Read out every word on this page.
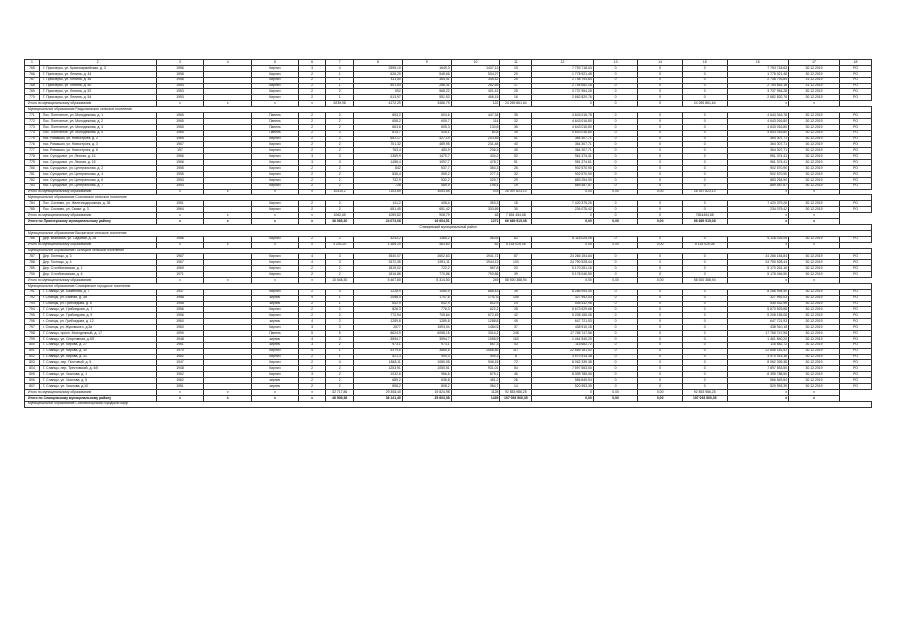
1	2	3	4	5	6	7	8	9	10	11	12	13	14	15	16	17	18
765	Г. Приозерск, ул. Красноармейская, д. 3	1956		Кирпич	3	4	2595,10	1649,3	1437,13	19	7 793 718,63	0	0	0	7 793 718,63	30.12.2019	РО
766	Г. Приозерск, ул. Ленина, д. 44	1958		Кирпич	2	1	626,20	548,66	534,27	20	1 778 921,48	0	0	0	1 778 921,48	30.12.2019	РО
767	Г. Приозерск, ул. Ленина, д. 46	1956		Кирпич	2	1	411,50	384,41	345,42	25	2 748 793,84	0	0	0	2 748 793,84	31.12.2019	РО
768	Г. Приозерск, ул. Ленина, д. 50	1954		Кирпич	2	1	401,53	288,31	282,59	17	2 754 652,18	0	0	0	2 754 652,18	31.12.2019	РО
769	Г. Приозерск, ул. Ленина, д. 52	1953		Кирпич	2	2	692	568,22	401,41	25	3 737 954,28	0	0	0	3 737 954,28	30.12.2019	РО
770	Г. Приозерск, ул. Ленина, д. 54	1953		Кирпич	2	1	613,97	551,53	466,15	16	2 682 820,76	0	0	0	2 682 820,76	30.12.2019	РО
Итого по муниципальному образованию		x	x	x	x	5239,98	4172,29	3486,79	122	24 269 861,64	0	0	0	24 269 861,64	x	x	
Муниципальное образование Раздольевское сельское поселение																	
771	Пос. Понтонное, ул. Молодежная, д. 1	1965		Панель	2	2	653,2	604,6	447,34	35	4 643 016,78	0	0	0	4 643 016,78	30.12.2019	РО
772	Пос. Понтонное, ул. Молодежная, д. 2	1965		Панель	2	2	658,2	605,7	114	32	4 643 016,80	0	0	0	4 643 016,80	30.12.2019	РО
773	Пос. Понтонное, ул. Молодежная, д. 3	1965		Панель	2	2	663,6	605,3	130,8	36	4 643 016,80	0	0	0	4 643 016,80	30.12.2019	РО
774	Пос. Понтонное, ул. Молодежная, д. 4	1965		Панель	2	2	614,7	416,1	82,8	39	4 643 016,80	0	0	0	4 643 016,80	30.12.2019	РО
775	пос. Ромашки, ул. Новостроек, д. 2	1965		Кирпич	2	2	652,17	427,14	203,45	41	364 307,71	0	0	0	364 307,71	30.12.2019	РО
776	пос. Ромашки, ул. Новостроек, д. 3	1967		Кирпич	2	2	701,32	489,95	241,48	40	364 307,71	0	0	0	364 307,71	30.12.2019	РО
777	пос. Ромашки, ул. Новостроек, д. 6	197		Кирпич	2	2	763,4	483,9	236,3	49	364 307,71	0	0	0	364 307,71	30.12.2019	РО
778	пос. Суходолье, ул. Лесная, д. 14	1966		Кирпич	3	3	1369,9	1470,7	434,2	52	961 374,41	0	0	0	961 374,41	30.12.2019	РО
779	пос. Суходолье, ул. Лесная, д. 15	1966		Кирпич	3	3	1458,4	1097,7	478,7	51	981 374,61	0	0	0	961 374,41	30.12.2019	РО
780	пос. Суходолье, ул. Центральная, д. 2	1955		Кирпич	2	2	842	537,7	384,3	28	902 570,90	0	0	0	902 570,90	30.12.2019	РО
781	пос. Суходолье, ул. Центральная, д. 4	1955		Кирпич	2	2	836,4	559,2	277,3	32	902 570,90	0	0	0	902 570,90	30.12.2019	РО
782	пос. Суходолье, ул. Центральная, д. 6	1953		Кирпич	2	2	732,9	532,2	325,7	29	883 254,90	0	0	0	883 254,90	30.12.2019	РО
783	пос. Суходолье, ул. Центральная, д. 7	1953		Кирпич	2	2	728	489,9	196,4	19	889 487,67	0	0	0	889 487,67	30.12.2019	РО
Итого по муниципальному образованию		x	x	x	x	10410,2	7103,89	3053,65	478	26 397 623,10	0,00	0,00	0,00	26 397 623,10	x	x	
Муниципальное образование Сосновское сельское поселение																	
784	Пос. Сосново, ул. Железнодорожная, д. 35	1951		Кирпич	2	2	411,2	408,4	353,3	18	7 420 379,26	0	0	0	7 420 379,26	30.12.2019	РО
785	Пос. Сосново, ул. Связи, д. 3	1964		Кирпич	2	2	651,45	651,42	333,69	30	234 075,42	0	0	0	234 075,42	30.12.2019	РО
Итого по муниципальному образованию		x	x	x	x	1062,65	1059,82	908,79	48	7 654 454,68	0	0	0	7654454,68	x	x	
Итого по Приозерскому муниципальному району		x	x	x	x	36 065,30	24 073,08	16 604,51	1271	66 689 515,08	0,00	0,00	0,00	66 689 515,08	x	x	
Сланцевский муниципальный район																	
Муниципальное образование Выскатское сельское поселение																	
786	Дер. Выскатка, ул. Садовая, д. 28	1986		Кирпич	2	2	3243,2	1365,2	463,6	62	6 118 025,06	0	0	0	6 118 025,06	30.12.2019	РО
Итого по муниципальному образованию		x	x	x	x	3 243,20	1 365,20	463,60	62	6 118 025,06	0,00	0,00	0,00	6 118 025,06	x	x	
Муниципальное образование Гостицкое сельское поселение																	
787	Дер. Гостицы, д. 3	1967		Кирпич	4	3	3540,07	2602,63	1941,72	87	24 266 154,84	0	0	0	24 266 154,84	30.12.2019	РО
788	Дер. Гостицы, д. 4	1967		Кирпич	4	3	3372,35	1991,11	1944,12	103	24 790 928,44	0	0	0	24 790 928,44	30.12.2019	РО
789	Дер. Столбоновская, д. 1	1969		Кирпич	2	2	1819,02	722,2	587,8	20	5 170 261,16	0	0	0	5 170 261,16	30.12.2019	РО
790	Дер. Столбоновская, д. 6	1971		Кирпич	2	2	1816,86	770,86	790,86	39	5 178 046,50	0	0	0	5 178 046,50	30.12.2019	РО
Итого по муниципальному образованию		x	x	x	x	10 548,30	5 467,80	5 314,50	249	58 920 388,94	0,00	0,00	0,00	58 920 388,94	x	x	
Муниципальное образование Сланцевское городское поселение																	
791	Г. Сланцы, ул. Баженова, д. 7	1947		Кирпич	2	4	1228,9	1089,9	886,43	39	8 286 994,40	0	0	0	8 286 994,40	30.12.2019	РО
792	г. Сланцы, ул. Банная, д. 3а	1988		кирпич	9	1	2088,4	1747,6	1747,6	105	327 992,03	0	0	0	327 992,03	30.12.2019	РО
793	г. Сланцы, ул. Грибоедова, д. 6	1958		кирпич	2	1	642,9	642,9	642,9	24	535 432,96	0	0	0	535 432,96	30.12.2019	РО
794	Г. Сланцы, ул. Грибоедова, д. 7	1956		Кирпич	2	2	826,3	776,3	622,2	28	5 673 529,68	0	0	0	5 673 529,68	30.12.2019	РО
795	Г. Сланцы, ул. Грибоедова, д. 9	1956		Кирпич	2	2	772,94	705,64	672,49	42	5 208 155,06	0	0	0	5 208 155,06	30.12.2019	РО
796	г. Сланцы, ул. Грибоедова, д. 12	1960		кирпич	4	2	1289,8	1289,8	1288,8	49	647 721,93	0	0	0	647 721,93	30.12.2019	РО
797	г. Сланцы, ул. Жуковского, д.3а	1960		Кирпич	3	3	2677	1593,04	1484,5	37	438 910,18	0	0	0	438 910,18	30.12.2019	РО
798	Г. Сланцы, просп. Молодежный, д. 17	1990		Панель	5	5	6624,9	6058,16	3314,2	248	17 765 747,56	0	0	0	17 765 747,56	30.12.2019	РО
799	Г. Сланцы, ул. Спортивная, д.9/2	1948		кирпич	4	2	3594,7	3594,7	1056,9	163	1 461 540,20	0	0	0	1 461 540,20	30.12.2019	РО
800	Г. Сланцы, ул. Кирова, д. 27	1961		кирпич	3	2	973,1	973,1	667,3	43	116 682,72	0	0	0	116 682,72	30.12.2019	РО
801	Г. Сланцы, ул. Кирова, д. 30	1970		Кирпич	9	1	4379,6	3865,6	2586,85	117	22 656 181,52	0	0	0	22 656 181,52	30.12.2019	РО
802	Г. Сланцы, ул. Кирова, д. 31	1952		Кирпич	2	1	521,3	494,3	494,3	8	3 570 914,38	0	0	0	3 570 914,38	30.12.2019	РО
803	Г. Сланцы, пер. Почтовый, д. 5	1947		Кирпич	2	4	1848,11	1080,05	946,15	72	8 062 339,38	0	0	0	8 062 339,38	30.12.2019	РО
804	Г. Сланцы, пер. Трестовский, д. 4/5	1948		Кирпич	2	2	1253,91	1050,51	931,01	54	7 897 553,50	0	0	0	7 897 553,50	30.12.2019	РО
805	Г. Сланцы, ул. Чкалова, д. 1	1962		Кирпич	3	2	1032,6	966,6	875,1	46	8 395 788,50	0	0	0	8 395 788,50	30.12.2019	РО
806	Г. Сланцы, ул. Чкалова, д. 5	1962		кирпич	2	2	685,2	636,8	481,2	26	566 849,54	0	0	0	566 849,54	30.12.2019	РО
807	Г. Сланцы, ул. Чкалова, д.10	1951		кирпич	2	2	898,2	808,2	354,7	14	520 953,39	0	0	0	520 953,39	30.12.2019	РО
Итого по муниципальному образованию		x	x	x	x	32 717,86	29 308,40	19 824,98	1128	92 853 986,25	0	0,00	0,00	92 853 986,25	x	x	
Итого по Сланцевскому муниципальному району		x	x	x	x	46 509,36	36 141,40	25 603,08	1439	157 093 500,35	0,00	0,00	0,00	157 093 500,35	x	x	
Муниципальное образование Сосновоборгский городской округ																	
